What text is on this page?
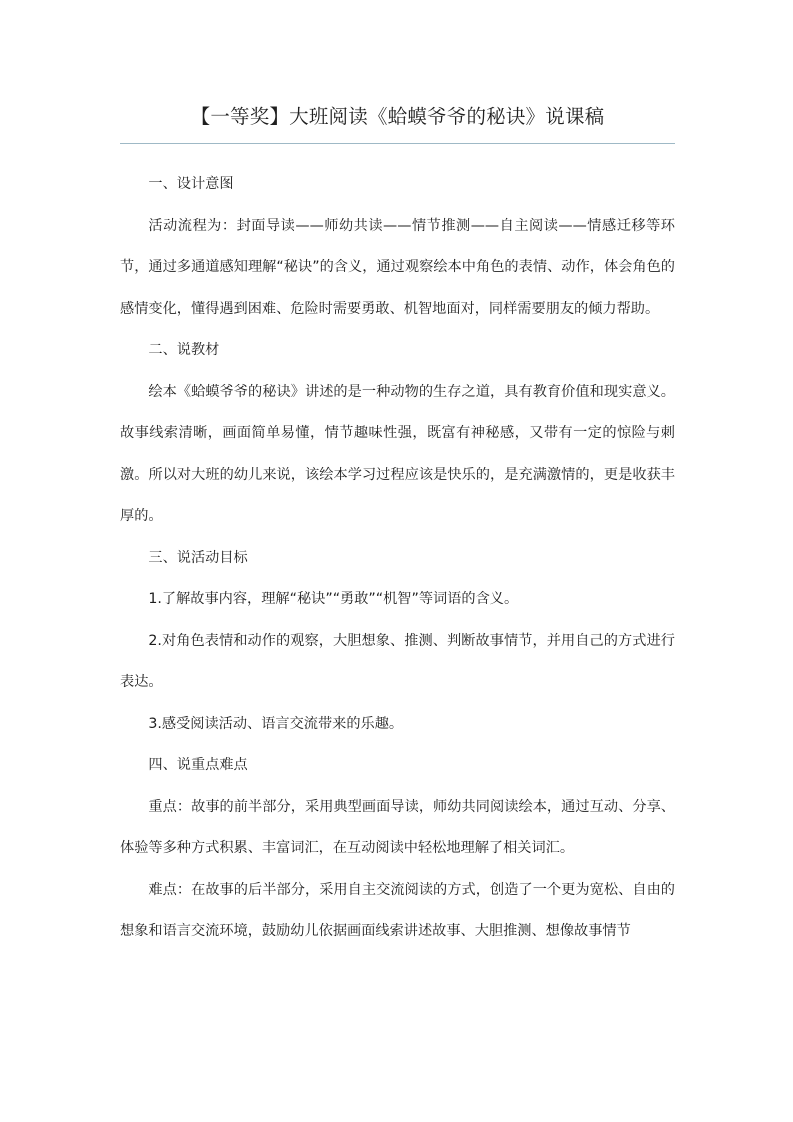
【一等奖】大班阅读《蛤蟆爷爷的秘诀》说课稿

一、设计意图

活动流程为：封面导读——师幼共读——情节推测——自主阅读——情感迁移等环节，通过多通道感知理解“秘诀”的含义，通过观察绘本中角色的表情、动作，体会角色的感情变化，懂得遇到困难、危险时需要勇敢、机智地面对，同样需要朋友的倾力帮助。

二、说教材

绘本《蛤蟆爷爷的秘诀》讲述的是一种动物的生存之道，具有教育价值和现实意义。故事线索清晰，画面简单易懂，情节趣味性强，既富有神秘感，又带有一定的惊险与刺激。所以对大班的幼儿来说，该绘本学习过程应该是快乐的，是充满激情的，更是收获丰厚的。

三、说活动目标

1.了解故事内容，理解“秘诀”“勇敢”“机智”等词语的含义。

2.对角色表情和动作的观察，大胆想象、推测、判断故事情节，并用自己的方式进行表达。

3.感受阅读活动、语言交流带来的乐趣。

四、说重点难点

重点：故事的前半部分，采用典型画面导读，师幼共同阅读绘本，通过互动、分享、体验等多种方式积累、丰富词汇，在互动阅读中轻松地理解了相关词汇。

难点：在故事的后半部分，采用自主交流阅读的方式，创造了一个更为宽松、自由的想象和语言交流环境，鼓励幼儿依据画面线索讲述故事、大胆推测、想像故事情节
